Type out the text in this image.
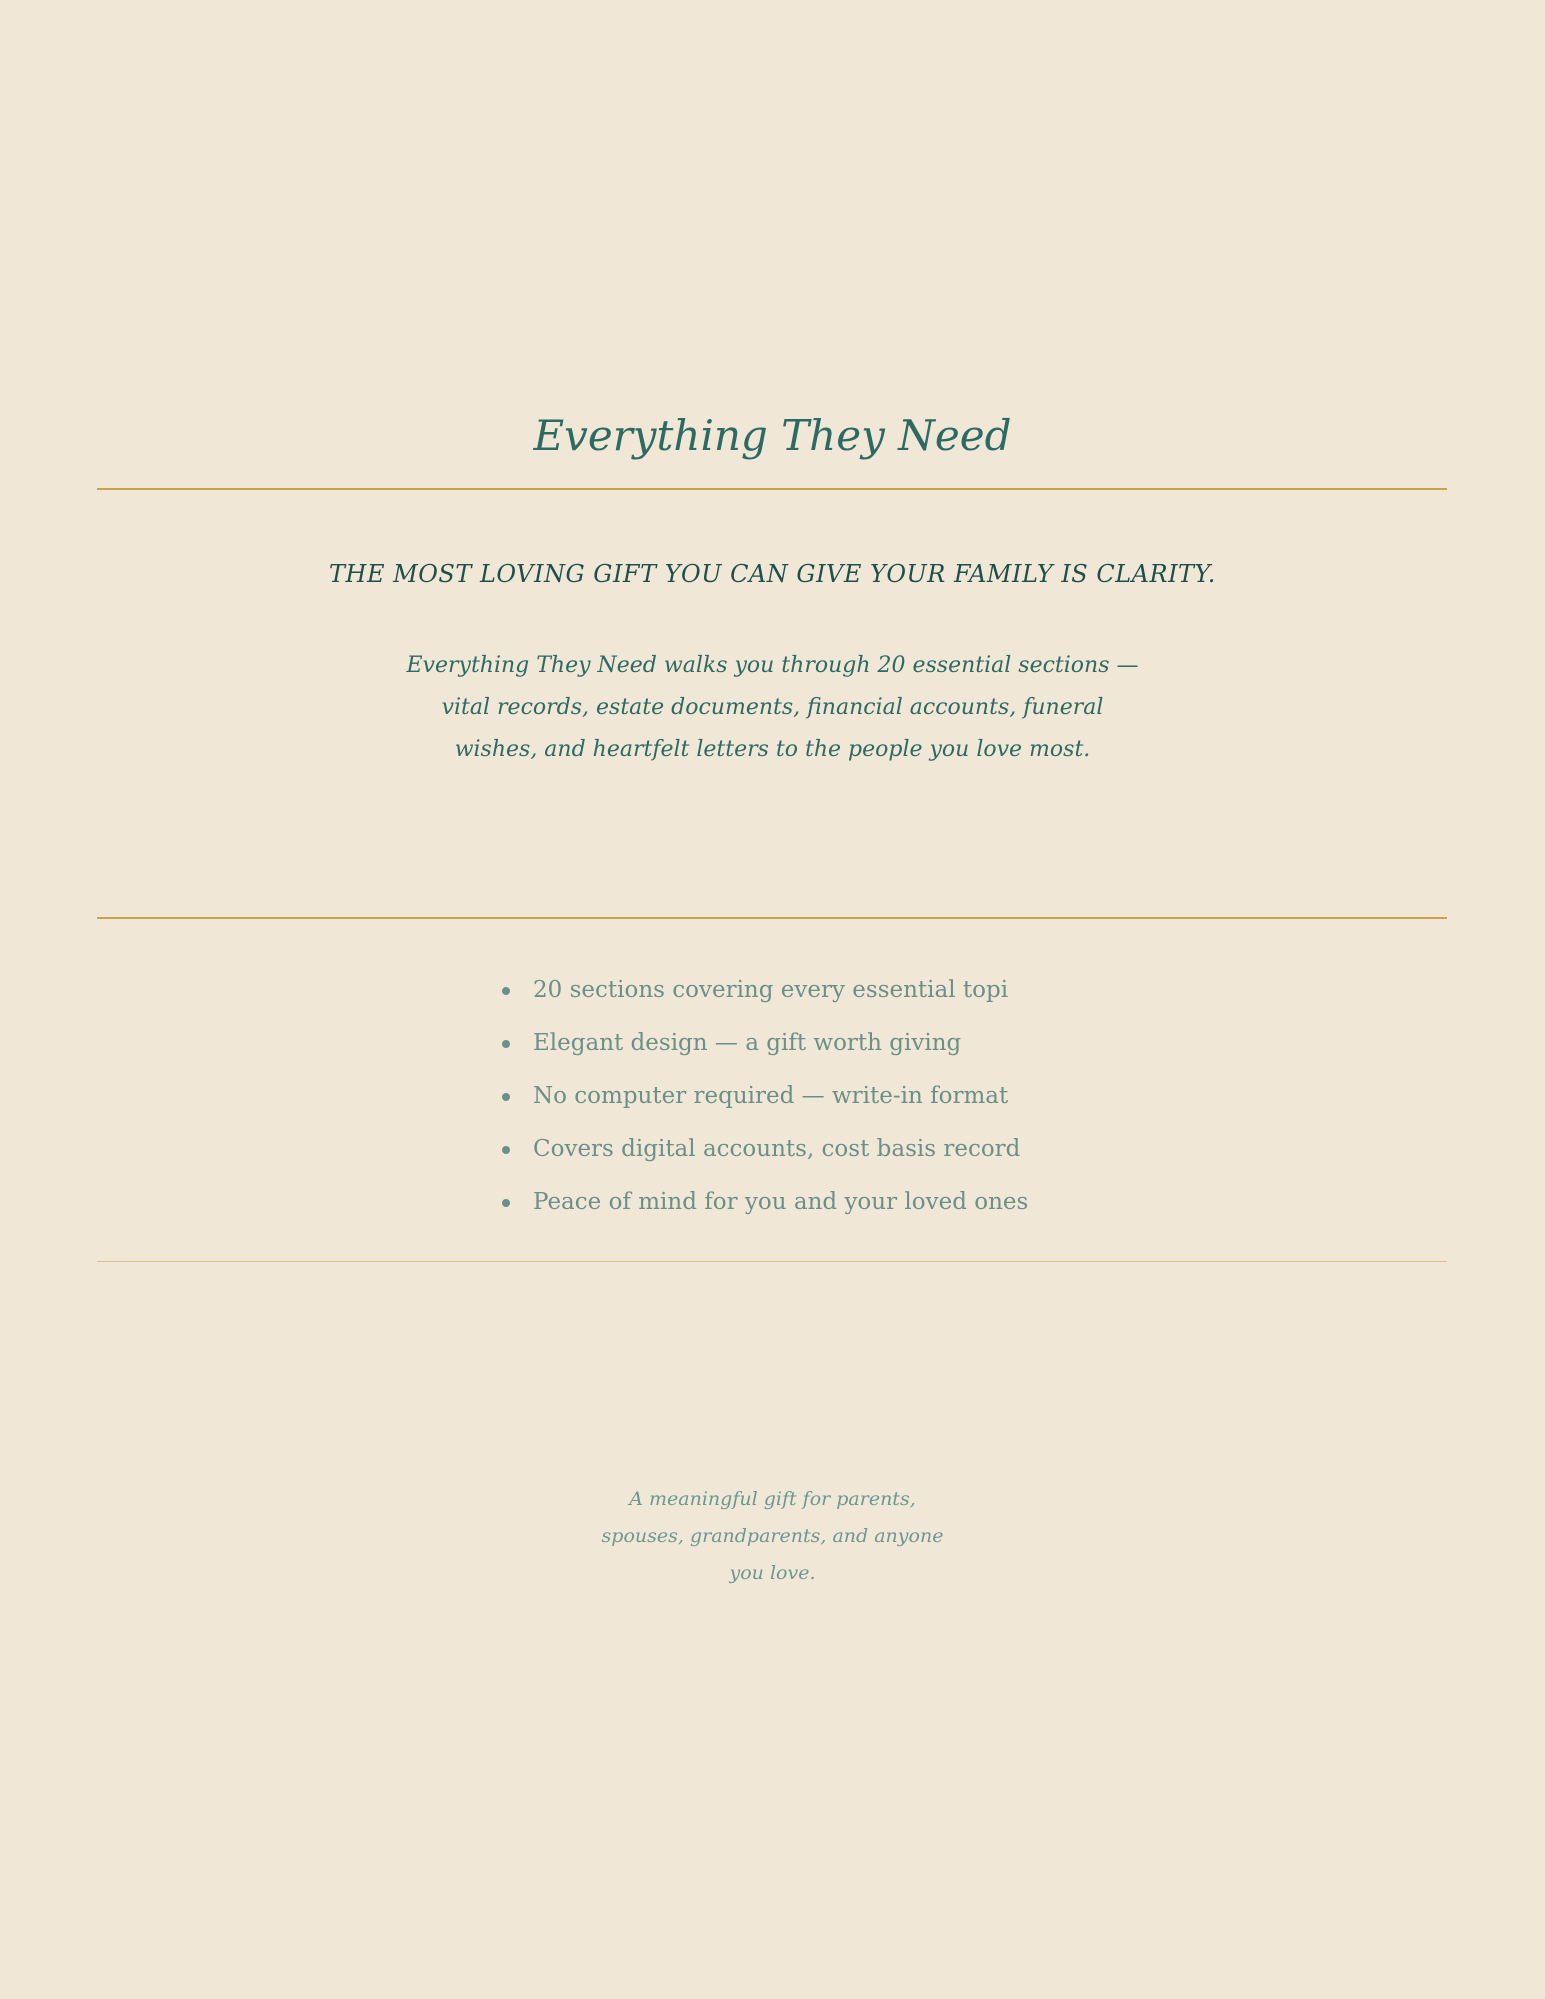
Everything They Need
THE MOST LOVING GIFT YOU CAN GIVE YOUR FAMILY IS CLARITY.

Everything They Need walks you through 20 essential sections — vital records, estate documents, financial accounts, funeral wishes, and heartfelt letters to the people you love most.

20 sections covering every essential topi
Elegant design — a gift worth giving
No computer required — write-in format
Covers digital accounts, cost basis record
Peace of mind for you and your loved ones

A meaningful gift for parents, spouses, grandparents, and anyone you love.
